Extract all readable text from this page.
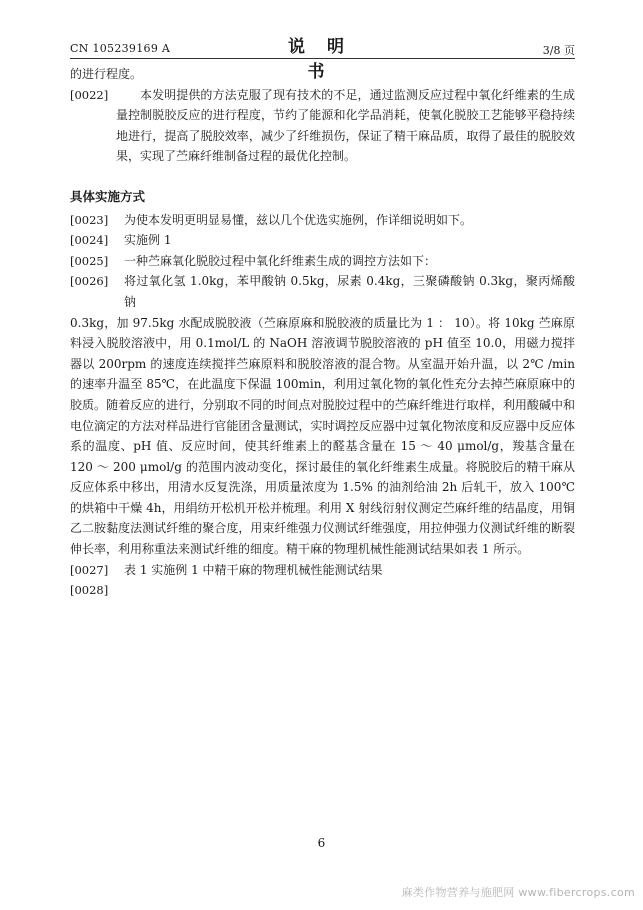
CN 105239169 A	说 明 书
3/8 页

的进行程度。

[0022]	本发明提供的方法克服了现有技术的不足，通过监测反应过程中氧化纤维素的生成量控制脱胶反应的进行程度，节约了能源和化学品消耗，使氧化脱胶工艺能够平稳持续地进行，提高了脱胶效率，减少了纤维损伤，保证了精干麻品质，取得了最佳的脱胶效果，实现了苎麻纤维制备过程的最优化控制。

具体实施方式

[0023]	为使本发明更明显易懂，兹以几个优选实施例，作详细说明如下。
[0024]	实施例 1
[0025]	一种苎麻氧化脱胶过程中氧化纤维素生成的调控方法如下：
[0026]	将过氧化氢 1.0kg，苯甲酸钠 0.5kg，尿素 0.4kg，三聚磷酸钠 0.3kg，聚丙烯酸钠

0.3kg，加 97.5kg 水配成脱胶液（苎麻原麻和脱胶液的质量比为 1 ： 10）。将 10kg 苎麻原料浸入脱胶溶液中，用 0.1mol/L 的 NaOH 溶液调节脱胶溶液的 pH 值至 10.0，用磁力搅拌器以 200rpm 的速度连续搅拌苎麻原料和脱胶溶液的混合物。从室温开始升温，以 2℃ /min 的速率升温至 85℃，在此温度下保温 100min，利用过氧化物的氧化性充分去掉苎麻原麻中的胶质。随着反应的进行，分别取不同的时间点对脱胶过程中的苎麻纤维进行取样，利用酸碱中和电位滴定的方法对样品进行官能团含量测试，实时调控反应器中过氧化物浓度和反应器中反应体系的温度、pH 值、反应时间，使其纤维素上的醛基含量在 15 ～ 40 μmol/g，羧基含量在 120 ～ 200 μmol/g 的范围内波动变化，探讨最佳的氧化纤维素生成量。将脱胶后的精干麻从反应体系中移出，用清水反复洗涤，用质量浓度为 1.5% 的油剂给油 2h 后轧干，放入 100℃的烘箱中干燥 4h，用绢纺开松机开松并梳理。利用 X 射线衍射仪测定苎麻纤维的结晶度，用铜乙二胺黏度法测试纤维的聚合度，用束纤维强力仪测试纤维强度，用拉伸强力仪测试纤维的断裂伸长率，利用称重法来测试纤维的细度。精干麻的物理机械性能测试结果如表 1 所示。

[0027]	表 1 实施例 1 中精干麻的物理机械性能测试结果
[0028]
6
麻类作物营养与施肥网 www.fibercrops.com
